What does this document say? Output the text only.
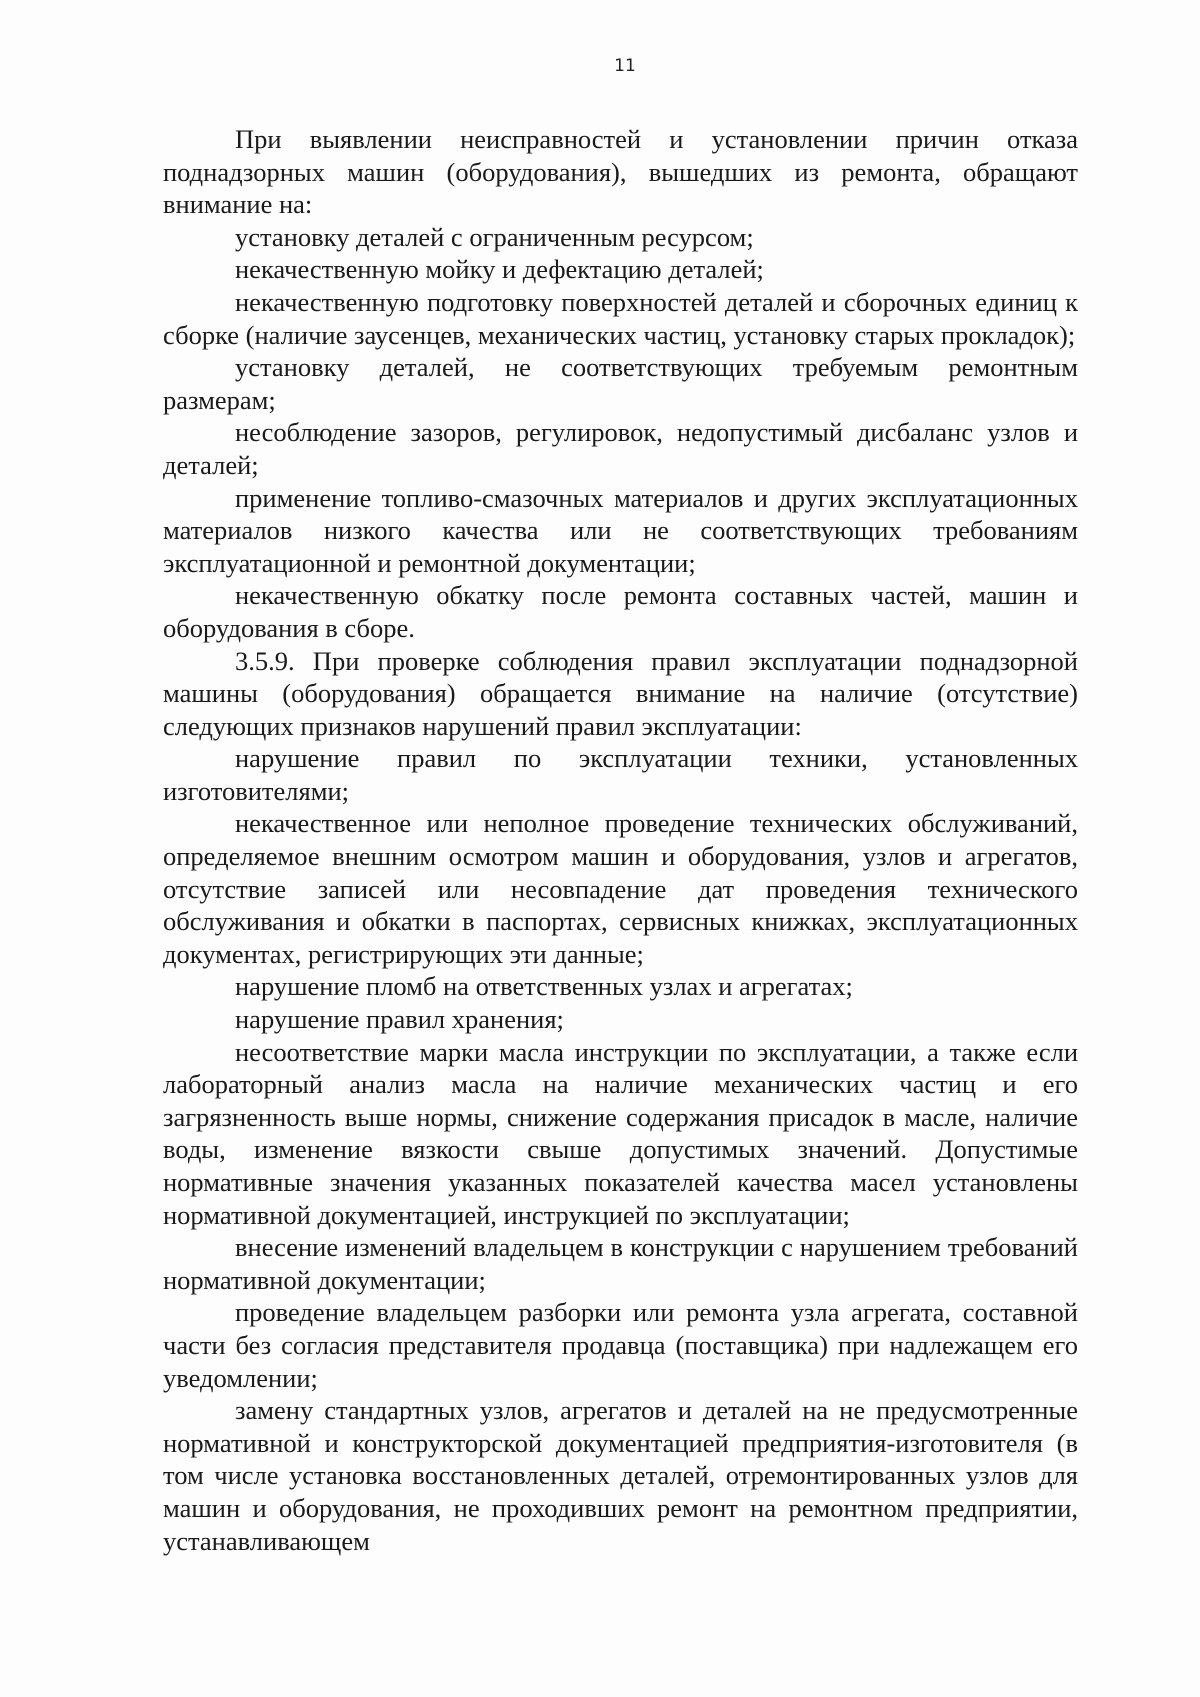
11

При выявлении неисправностей и установлении причин отказа поднадзорных машин (оборудования), вышедших из ремонта, обращают внимание на:

установку деталей с ограниченным ресурсом;

некачественную мойку и дефектацию деталей;

некачественную подготовку поверхностей деталей и сборочных единиц к сборке (наличие заусенцев, механических частиц, установку старых прокладок);

установку деталей, не соответствующих требуемым ремонтным размерам;

несоблюдение зазоров, регулировок, недопустимый дисбаланс узлов и деталей;

применение топливо-смазочных материалов и других эксплуатационных материалов низкого качества или не соответствующих требованиям эксплуатационной и ремонтной документации;

некачественную обкатку после ремонта составных частей, машин и оборудования в сборе.

3.5.9. При проверке соблюдения правил эксплуатации поднадзорной машины (оборудования) обращается внимание на наличие (отсутствие) следующих признаков нарушений правил эксплуатации:

нарушение правил по эксплуатации техники, установленных изготовителями;

некачественное или неполное проведение технических обслуживаний, определяемое внешним осмотром машин и оборудования, узлов и агрегатов, отсутствие записей или несовпадение дат проведения технического обслуживания и обкатки в паспортах, сервисных книжках, эксплуатационных документах, регистрирующих эти данные;

нарушение пломб на ответственных узлах и агрегатах;

нарушение правил хранения;

несоответствие марки масла инструкции по эксплуатации, а также если лабораторный анализ масла на наличие механических частиц и его загрязненность выше нормы, снижение содержания присадок в масле, наличие воды, изменение вязкости свыше допустимых значений. Допустимые нормативные значения указанных показателей качества масел установлены нормативной документацией, инструкцией по эксплуатации;

внесение изменений владельцем в конструкции с нарушением требований нормативной документации;

проведение владельцем разборки или ремонта узла агрегата, составной части без согласия представителя продавца (поставщика) при надлежащем его уведомлении;

замену стандартных узлов, агрегатов и деталей на не предусмотренные нормативной и конструкторской документацией предприятия-изготовителя (в том числе установка восстановленных деталей, отремонтированных узлов для машин и оборудования, не проходивших ремонт на ремонтном предприятии, устанавливающем
